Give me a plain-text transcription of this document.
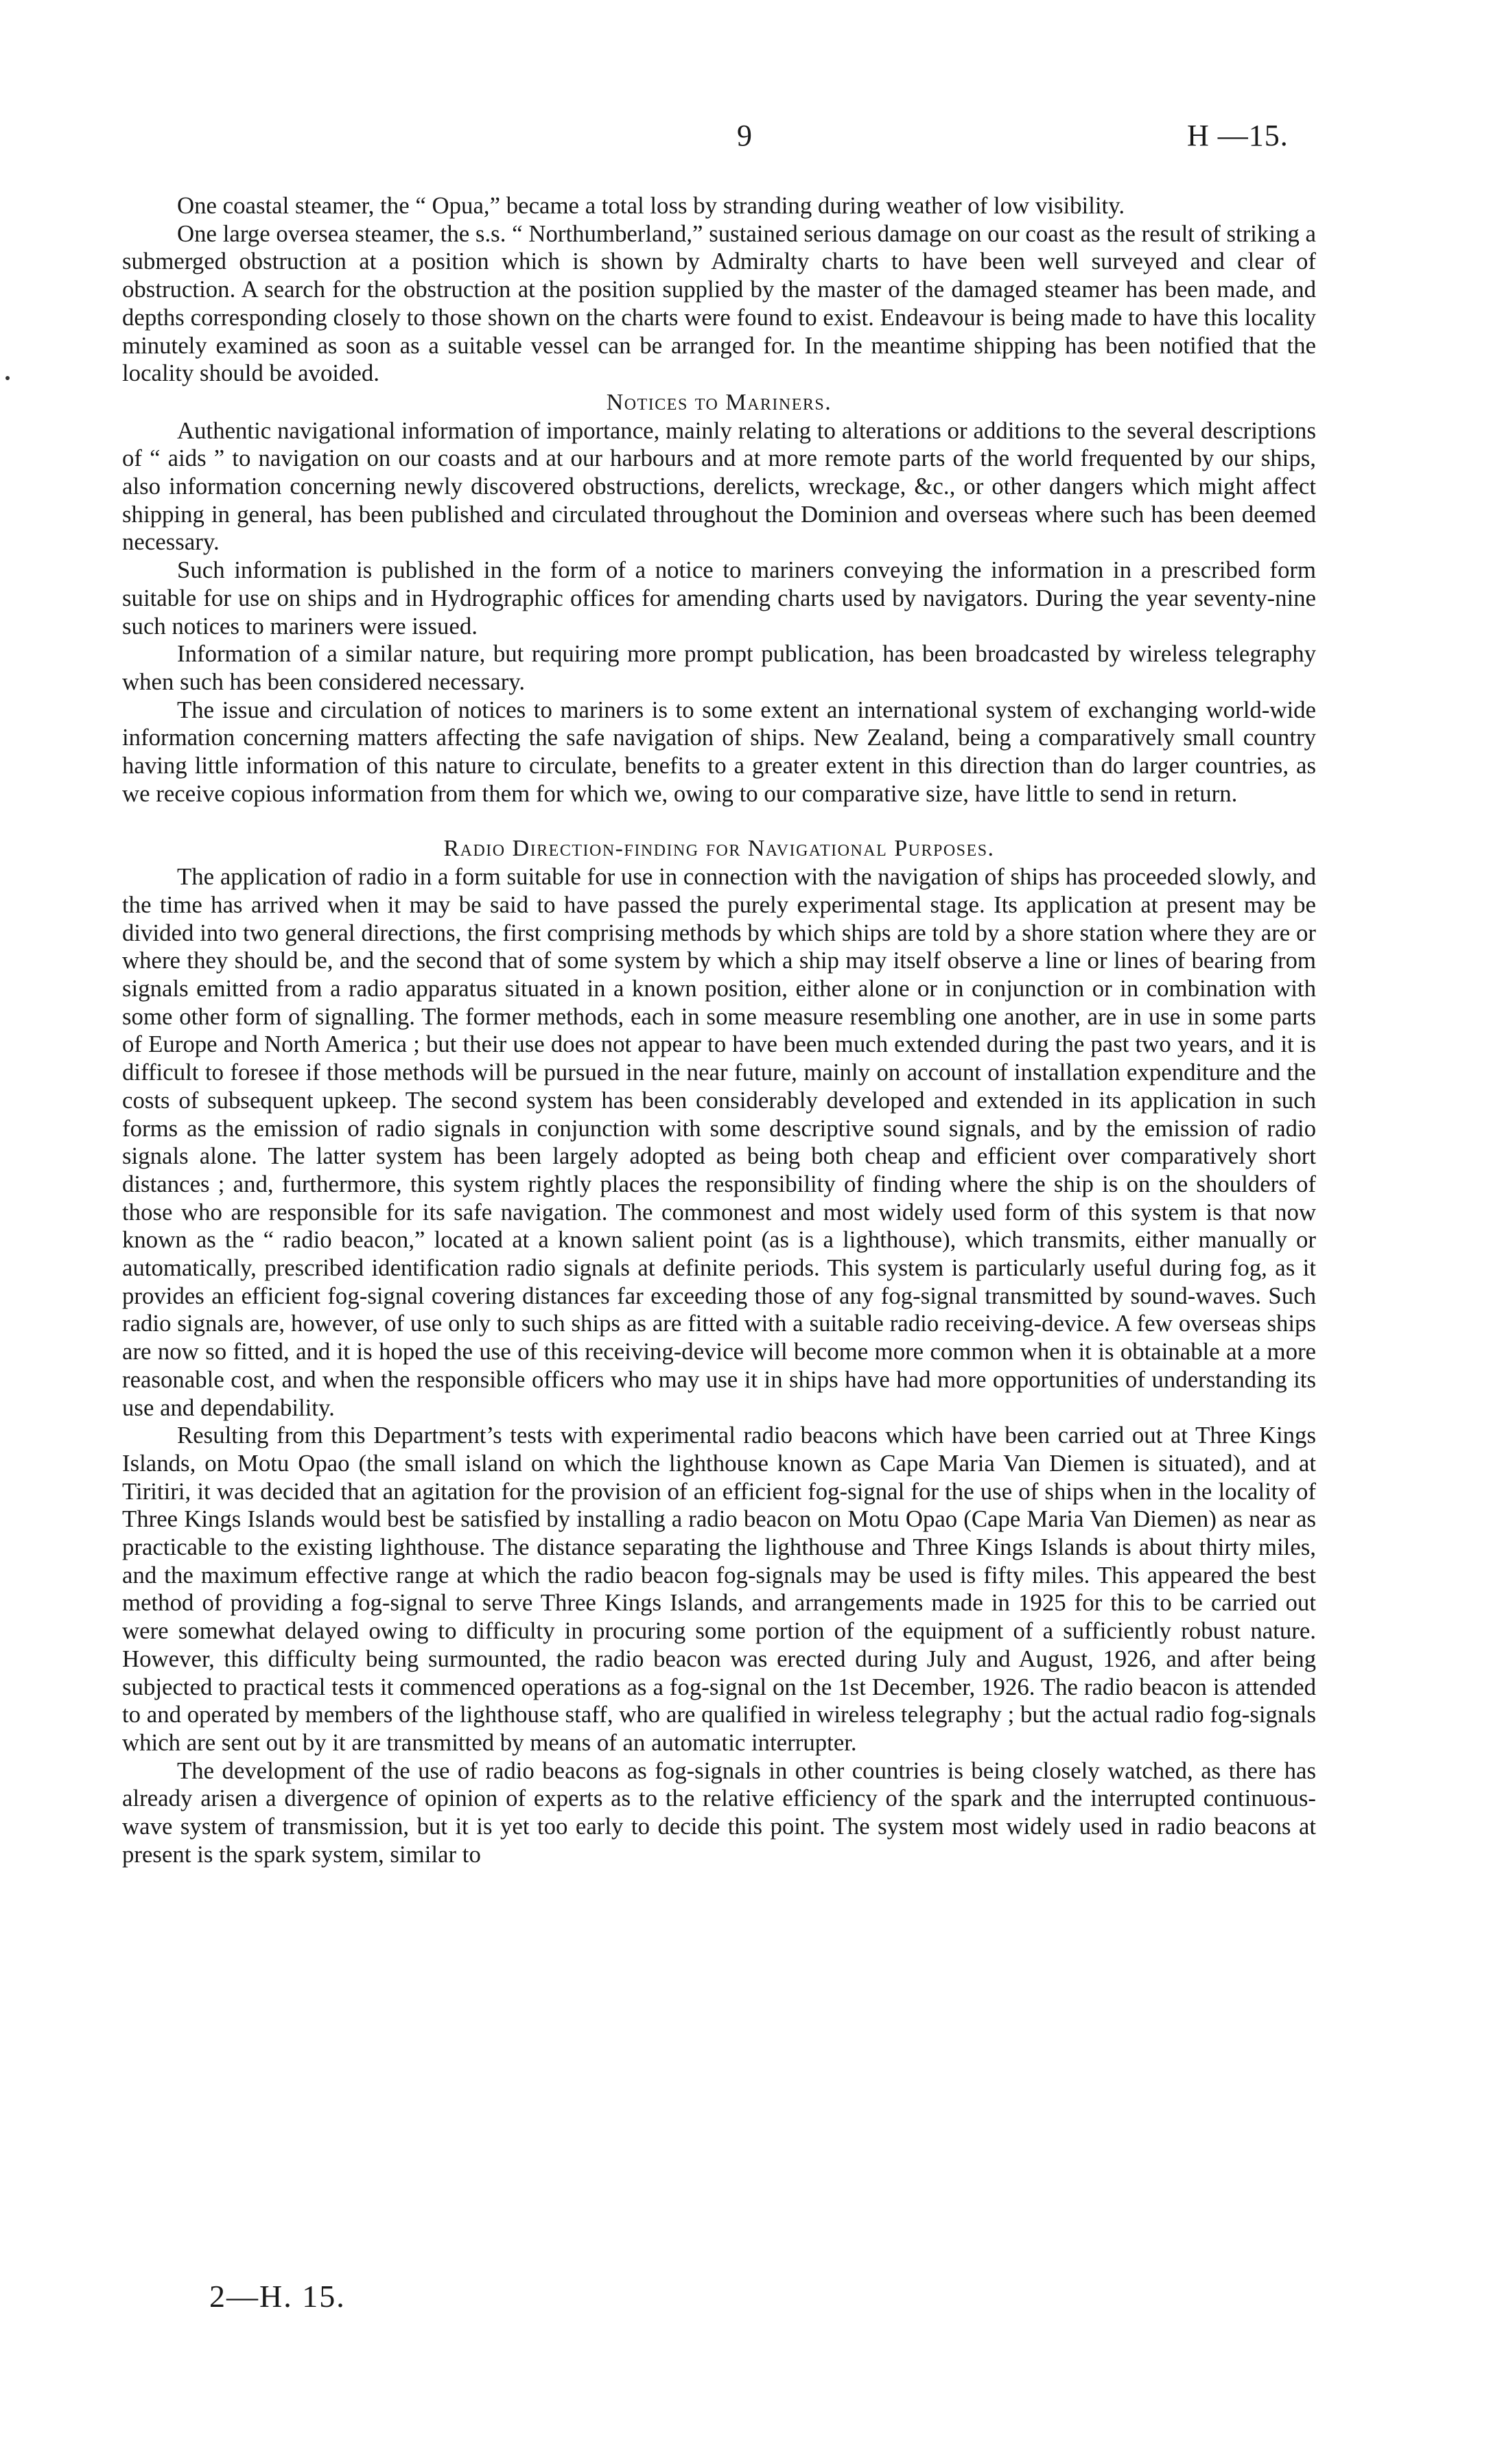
9	H —15.

One coastal steamer, the “ Opua,” became a total loss by stranding during weather of low visibility.

One large oversea steamer, the s.s. “ Northumberland,” sustained serious damage on our coast as the result of striking a submerged obstruction at a position which is shown by Admiralty charts to have been well surveyed and clear of obstruction. A search for the obstruction at the position supplied by the master of the damaged steamer has been made, and depths corresponding closely to those shown on the charts were found to exist. Endeavour is being made to have this locality minutely examined as soon as a suitable vessel can be arranged for. In the meantime shipping has been notified that the locality should be avoided.

Notices to Mariners.

Authentic navigational information of importance, mainly relating to alterations or additions to the several descriptions of “ aids ” to navigation on our coasts and at our harbours and at more remote parts of the world frequented by our ships, also information concerning newly discovered obstructions, derelicts, wreckage, &c., or other dangers which might affect shipping in general, has been published and circulated throughout the Dominion and overseas where such has been deemed necessary.

Such information is published in the form of a notice to mariners conveying the information in a prescribed form suitable for use on ships and in Hydrographic offices for amending charts used by navigators. During the year seventy-nine such notices to mariners were issued.

Information of a similar nature, but requiring more prompt publication, has been broadcasted by wireless telegraphy when such has been considered necessary.

The issue and circulation of notices to mariners is to some extent an international system of exchanging world-wide information concerning matters affecting the safe navigation of ships. New Zealand, being a comparatively small country having little information of this nature to circulate, benefits to a greater extent in this direction than do larger countries, as we receive copious information from them for which we, owing to our comparative size, have little to send in return.

Radio Direction-finding for Navigational Purposes.

The application of radio in a form suitable for use in connection with the navigation of ships has proceeded slowly, and the time has arrived when it may be said to have passed the purely experimental stage. Its application at present may be divided into two general directions, the first comprising methods by which ships are told by a shore station where they are or where they should be, and the second that of some system by which a ship may itself observe a line or lines of bearing from signals emitted from a radio apparatus situated in a known position, either alone or in conjunction or in combination with some other form of signalling. The former methods, each in some measure resembling one another, are in use in some parts of Europe and North America ; but their use does not appear to have been much extended during the past two years, and it is difficult to foresee if those methods will be pursued in the near future, mainly on account of installation expenditure and the costs of subsequent upkeep. The second system has been considerably developed and extended in its application in such forms as the emission of radio signals in conjunction with some descriptive sound signals, and by the emission of radio signals alone. The latter system has been largely adopted as being both cheap and efficient over comparatively short distances ; and, furthermore, this system rightly places the responsibility of finding where the ship is on the shoulders of those who are responsible for its safe navigation. The commonest and most widely used form of this system is that now known as the “ radio beacon,” located at a known salient point (as is a lighthouse), which transmits, either manually or automatically, prescribed identification radio signals at definite periods. This system is particularly useful during fog, as it provides an efficient fog-signal covering distances far exceeding those of any fog-signal transmitted by sound-waves. Such radio signals are, however, of use only to such ships as are fitted with a suitable radio receiving-device. A few overseas ships are now so fitted, and it is hoped the use of this receiving-device will become more common when it is obtainable at a more reasonable cost, and when the responsible officers who may use it in ships have had more opportunities of understanding its use and dependability.

Resulting from this Department’s tests with experimental radio beacons which have been carried out at Three Kings Islands, on Motu Opao (the small island on which the lighthouse known as Cape Maria Van Diemen is situated), and at Tiritiri, it was decided that an agitation for the provision of an efficient fog-signal for the use of ships when in the locality of Three Kings Islands would best be satisfied by installing a radio beacon on Motu Opao (Cape Maria Van Diemen) as near as practicable to the existing lighthouse. The distance separating the lighthouse and Three Kings Islands is about thirty miles, and the maximum effective range at which the radio beacon fog-signals may be used is fifty miles. This appeared the best method of providing a fog-signal to serve Three Kings Islands, and arrangements made in 1925 for this to be carried out were somewhat delayed owing to difficulty in procuring some portion of the equipment of a sufficiently robust nature. However, this difficulty being surmounted, the radio beacon was erected during July and August, 1926, and after being subjected to practical tests it commenced operations as a fog-signal on the 1st December, 1926. The radio beacon is attended to and operated by members of the lighthouse staff, who are qualified in wireless telegraphy ; but the actual radio fog-signals which are sent out by it are transmitted by means of an automatic interrupter.

The development of the use of radio beacons as fog-signals in other countries is being closely watched, as there has already arisen a divergence of opinion of experts as to the relative efficiency of the spark and the interrupted continuous-wave system of transmission, but it is yet too early to decide this point. The system most widely used in radio beacons at present is the spark system, similar to

2—H. 15.
